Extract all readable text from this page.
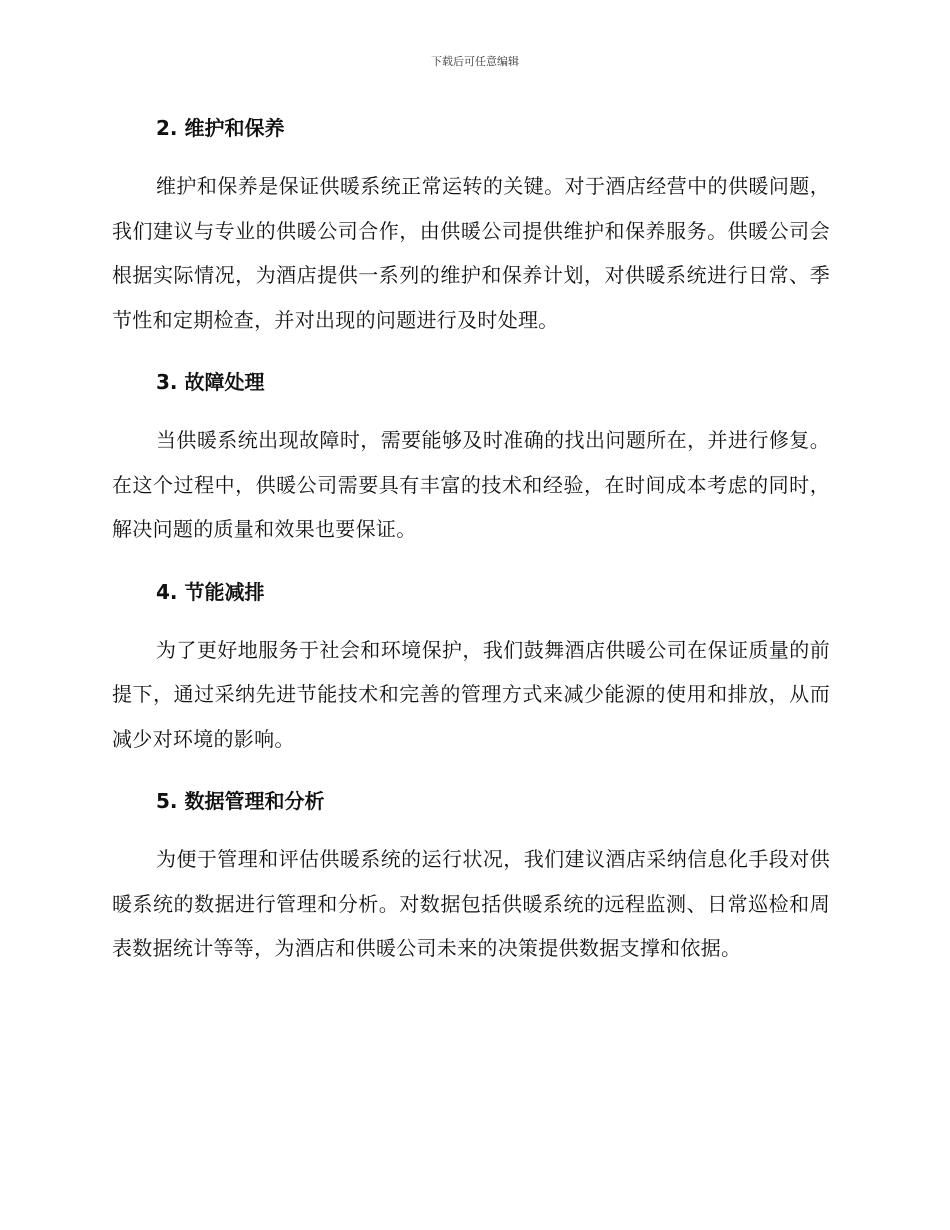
下载后可任意编辑
2. 维护和保养

维护和保养是保证供暖系统正常运转的关键。对于酒店经营中的供暖问题，我们建议与专业的供暖公司合作，由供暖公司提供维护和保养服务。供暖公司会根据实际情况，为酒店提供一系列的维护和保养计划，对供暖系统进行日常、季节性和定期检查，并对出现的问题进行及时处理。

3. 故障处理

当供暖系统出现故障时，需要能够及时准确的找出问题所在，并进行修复。在这个过程中，供暖公司需要具有丰富的技术和经验，在时间成本考虑的同时，解决问题的质量和效果也要保证。

4. 节能减排

为了更好地服务于社会和环境保护，我们鼓舞酒店供暖公司在保证质量的前提下，通过采纳先进节能技术和完善的管理方式来减少能源的使用和排放，从而减少对环境的影响。

5. 数据管理和分析

为便于管理和评估供暖系统的运行状况，我们建议酒店采纳信息化手段对供暖系统的数据进行管理和分析。对数据包括供暖系统的远程监测、日常巡检和周表数据统计等等，为酒店和供暖公司未来的决策提供数据支撑和依据。
